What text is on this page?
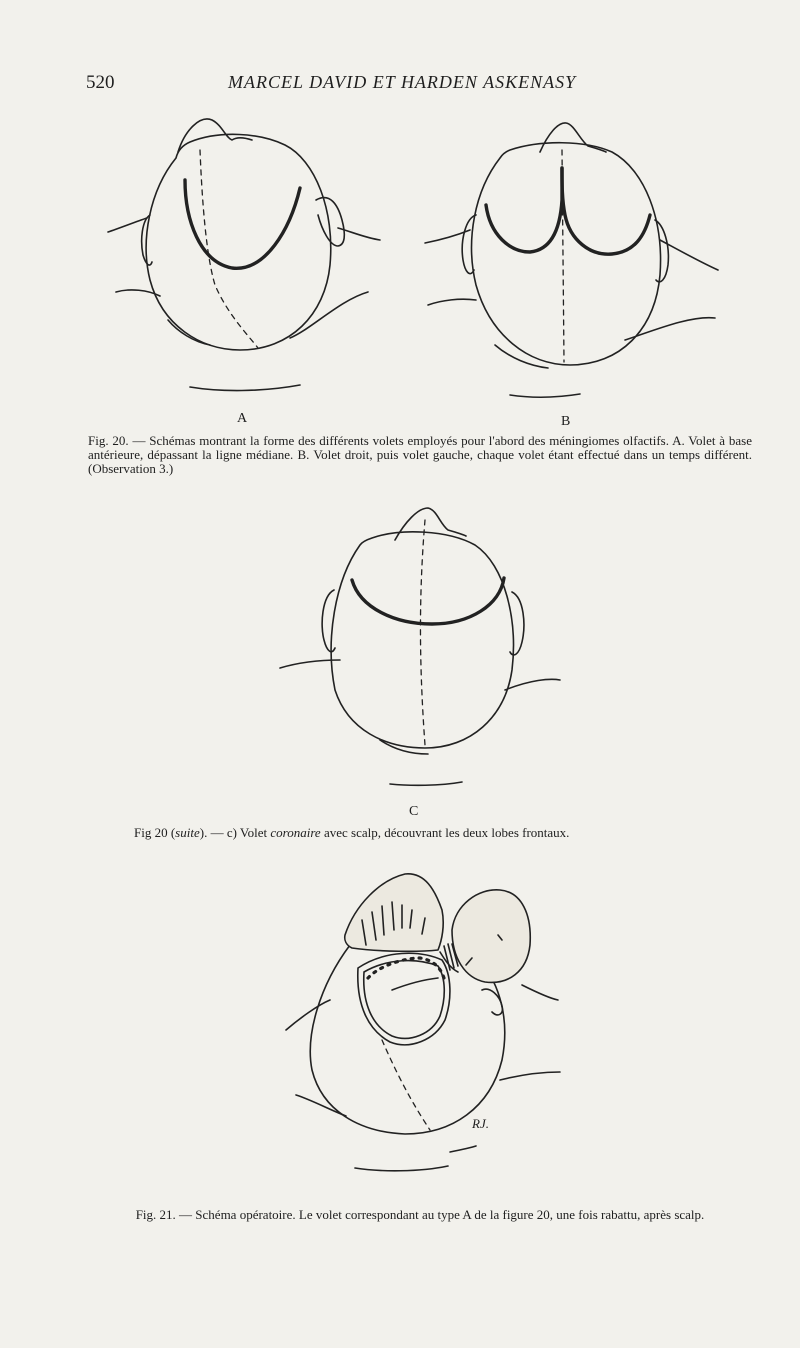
520	MARCEL DAVID ET HARDEN ASKENASY
A	B
Fig. 20. — Schémas montrant la forme des différents volets employés pour l'abord des méningiomes olfactifs. A. Volet à base antérieure, dépassant la ligne médiane. B. Volet droit, puis volet gauche, chaque volet étant effectué dans un temps différent. (Observation 3.)
C
Fig 20 (suite). — c) Volet coronaire avec scalp, découvrant les deux lobes frontaux.
RJ.
Fig. 21. — Schéma opératoire. Le volet correspondant au type A de la figure 20, une fois rabattu, après scalp.
